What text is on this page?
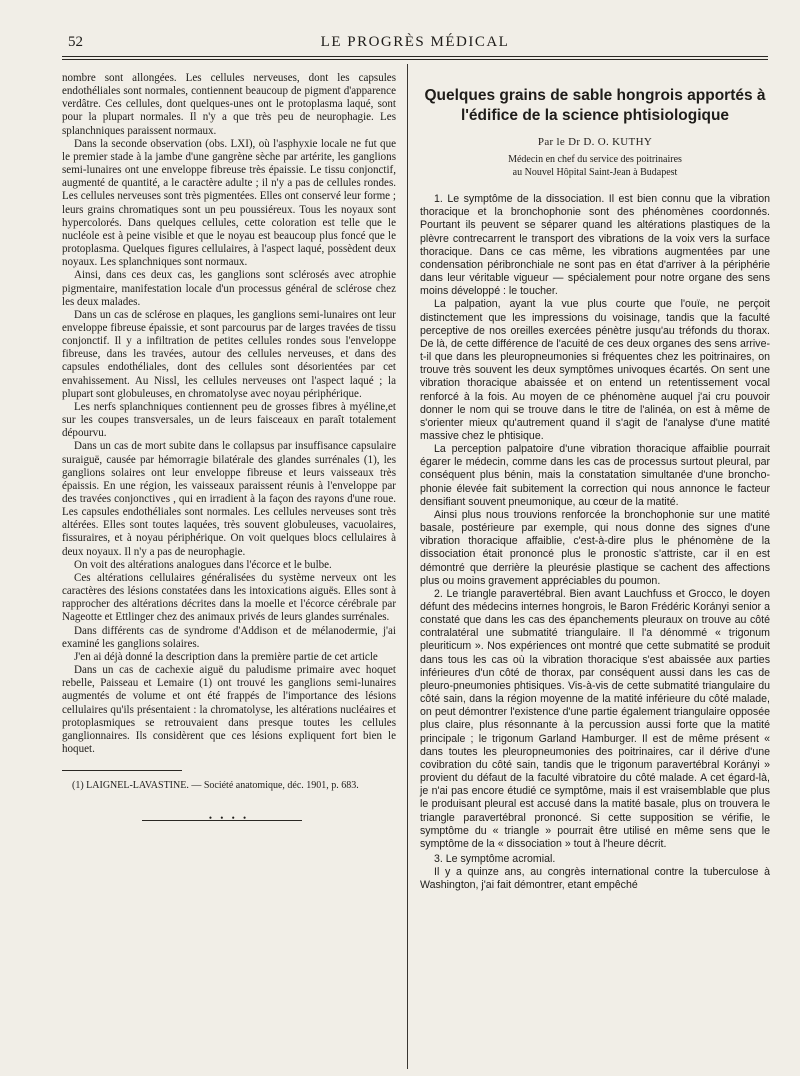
52	LE PROGRÈS MÉDICAL

nombre sont allongées. Les cellules nerveuses, dont les capsules endothéliales sont normales, contiennent beaucoup de pigment d'apparence verdâtre. Ces cellules, dont quelques-unes ont le protoplasma laqué, sont pour la plupart normales. Il n'y a que très peu de neurophagie. Les splanchniques paraissent normaux.

Dans la seconde observation (obs. LXI), où l'asphyxie locale ne fut que le premier stade à la jambe d'une gangrène sèche par artérite, les ganglions semi-lunaires ont une enveloppe fibreuse très épaissie. Le tissu conjonctif, augmenté de quantité, a le caractère adulte ; il n'y a pas de cellules rondes. Les cellules nerveuses sont très pigmentées. Elles ont conservé leur forme ; leurs grains chromatiques sont un peu poussiéreux. Tous les noyaux sont hypercolorés. Dans quelques cellules, cette coloration est telle que le nucléole est à peine visible et que le noyau est beaucoup plus foncé que le protoplasma. Quelques figures cellulaires, à l'aspect laqué, possèdent deux noyaux. Les splanchniques sont normaux.

Ainsi, dans ces deux cas, les ganglions sont sclérosés avec atrophie pigmentaire, manifestation locale d'un processus général de sclérose chez les deux malades.

Dans un cas de sclérose en plaques, les ganglions semi-lunaires ont leur enveloppe fibreuse épaissie, et sont parcourus par de larges travées de tissu conjonctif. Il y a infiltration de petites cellules rondes sous l'enveloppe fibreuse, dans les travées, autour des cellules nerveuses, et dans des capsules endothéliales, dont des cellules sont désorientées par cet envahissement. Au Nissl, les cellules nerveuses ont l'aspect laqué ; la plupart sont globuleuses, en chromatolyse avec noyau périphérique.

Les nerfs splanchniques contiennent peu de grosses fibres à myéline,et sur les coupes transversales, un de leurs faisceaux en paraît totalement dépourvu.

Dans un cas de mort subite dans le collapsus par insuffisance capsulaire suraiguë, causée par hémorragie bilatérale des glandes surrénales (1), les ganglions solaires ont leur enveloppe fibreuse et leurs vaisseaux très épaissis. En une région, les vaisseaux paraissent réunis à l'enveloppe par des travées conjonctives , qui en irradient à la façon des rayons d'une roue. Les capsules endothéliales sont normales. Les cellules nerveuses sont très altérées. Elles sont toutes laquées, très souvent globuleuses, vacuolaires, fissuraires, et à noyau périphérique. On voit quelques blocs cellulaires à deux noyaux. Il n'y a pas de neurophagie.

On voit des altérations analogues dans l'écorce et le bulbe.

Ces altérations cellulaires généralisées du système nerveux ont les caractères des lésions constatées dans les intoxications aiguës. Elles sont à rapprocher des altérations décrites dans la moelle et l'écorce cérébrale par Nageotte et Ettlinger chez des animaux privés de leurs glandes surrénales.

Dans différents cas de syndrome d'Addison et de mélanodermie, j'ai examiné les ganglions solaires.

J'en ai déjà donné la description dans la première partie de cet article

Dans un cas de cachexie aiguë du paludisme primaire avec hoquet rebelle, Paisseau et Lemaire (1) ont trouvé les ganglions semi-lunaires augmentés de volume et ont été frappés de l'importance des lésions cellulaires qu'ils présentaient : la chromatolyse, les altérations nucléaires et protoplasmiques se retrouvaient dans presque toutes les cellules ganglionnaires. Ils considèrent que ces lésions expliquent fort bien le hoquet.

(1) LAIGNEL-LAVASTINE. — Société anatomique, déc. 1901, p. 683.

• • • •
Quelques grains de sable hongrois apportés à l'édifice de la science phtisiologique
Par le Dr D. O. KUTHY
Médecin en chef du service des poitrinaires
au Nouvel Hôpital Saint-Jean à Budapest

1. Le symptôme de la dissociation. Il est bien connu que la vibration thoracique et la bronchophonie sont des phénomènes coordonnés. Pourtant ils peuvent se séparer quand les altérations plastiques de la plèvre contrecarrent le transport des vibrations de la voix vers la surface thoracique. Dans ce cas même, les vibrations augmentées par une condensation péribronchiale ne sont pas en état d'arriver à la périphérie dans leur véritable vigueur — spécialement pour notre organe des sens moins développé : le toucher.

La palpation, ayant la vue plus courte que l'ouïe, ne perçoit distinctement que les impressions du voisinage, tandis que la faculté perceptive de nos oreilles exercées pénètre jusqu'au tréfonds du thorax. De là, de cette différence de l'acuité de ces deux organes des sens arrive-t-il que dans les pleuropneumonies si fréquentes chez les poitrinaires, on trouve très souvent les deux symptômes univoques écartés. On sent une vibration thoracique abaissée et on entend un retentissement vocal renforcé à la fois. Au moyen de ce phénomène auquel j'ai cru pouvoir donner le nom qui se trouve dans le titre de l'alinéa, on est à même de s'orienter mieux qu'autrement quand il s'agit de l'analyse d'une matité massive chez le phtisique.

La perception palpatoire d'une vibration thoracique affaiblie pourrait égarer le médecin, comme dans les cas de processus surtout pleural, par conséquent plus bénin, mais la constatation simultanée d'une broncho-phonie élevée fait subitement la correction qui nous annonce le facteur densifiant souvent pneumonique, au cœur de la matité.

Ainsi plus nous trouvions renforcée la bronchophonie sur une matité basale, postérieure par exemple, qui nous donne des signes d'une vibration thoracique affaiblie, c'est-à-dire plus le phénomène de la dissociation était prononcé plus le pronostic s'attriste, car il en est démontré que derrière la pleurésie plastique se cachent des affections plus ou moins gravement appréciables du poumon.

2. Le triangle paravertébral. Bien avant Lauchfuss et Grocco, le doyen défunt des médecins internes hongrois, le Baron Frédéric Korányi senior a constaté que dans les cas des épanchements pleuraux on trouve au côté contralatéral une submatité triangulaire. Il l'a dénommé « trigonum pleuriticum ». Nos expériences ont montré que cette submatité se produit dans tous les cas où la vibration thoracique s'est abaissée aux parties inférieures d'un côté de thorax, par conséquent aussi dans les cas de pleuro-pneumonies phtisiques. Vis-à-vis de cette submatité triangulaire du côté sain, dans la région moyenne de la matité inférieure du côté malade, on peut démontrer l'existence d'une partie également triangulaire opposée plus claire, plus résonnante à la percussion aussi forte que la matité principale ; le trigonum Garland Hamburger. Il est de même présent « dans toutes les pleuropneumonies des poitrinaires, car il dérive d'une covibration du côté sain, tandis que le trigonum paravertébral Korányi » provient du défaut de la faculté vibratoire du côté malade. A cet égard-là, je n'ai pas encore étudié ce symptôme, mais il est vraisemblable que plus le produisant pleural est accusé dans la matité basale, plus on trouvera le triangle paravertébral prononcé. Si cette supposition se vérifie, le symptôme du « triangle » pourrait être utilisé en même sens que le symptôme de la « dissociation » tout à l'heure décrit.

3. Le symptôme acromial.

Il y a quinze ans, au congrès international contre la tuberculose à Washington, j'ai fait démontrer, etant empêché
